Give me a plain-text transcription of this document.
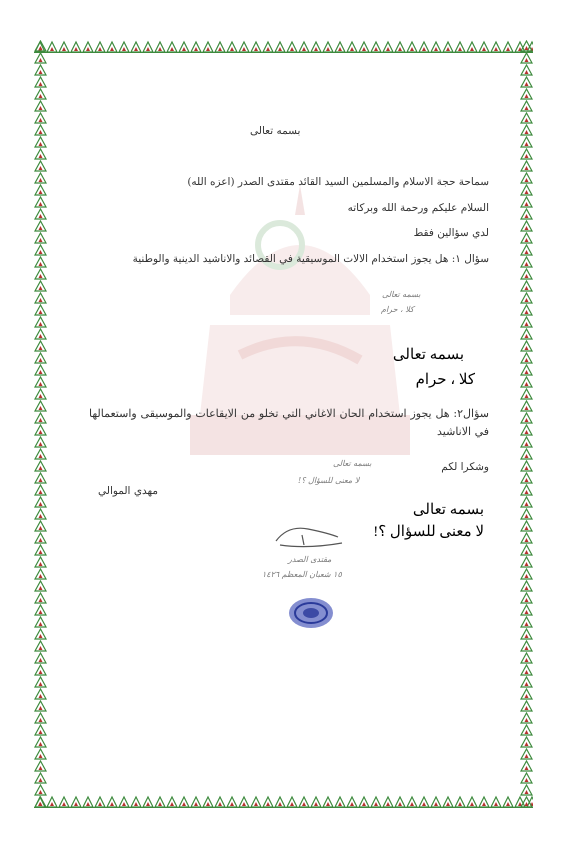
بسمه تعالى
سماحة حجة الاسلام والمسلمين السيد القائد مقتدى الصدر (اعزه الله)
السلام عليكم ورحمة الله وبركاته
لدي سؤالين فقط
سؤال ١: هل يجوز استخدام الالات الموسيقية في القصائد والاناشيد الدينية والوطنية
بسمه تعالى
كلا ، حرام
بسمه تعالى
كلا ، حرام
سؤال٢: هل يجوز استخدام الحان الاغاني التي تخلو من الايقاعات والموسيقى واستعمالها في الاناشيد
وشكرا لكم
بسمه تعالى
لا معنى للسؤال ؟!
مهدي الموالي
بسمه تعالى
لا معنى للسؤال ؟!
مقتدى الصدر
١٥ شعبان المعظم ١٤٢٦
